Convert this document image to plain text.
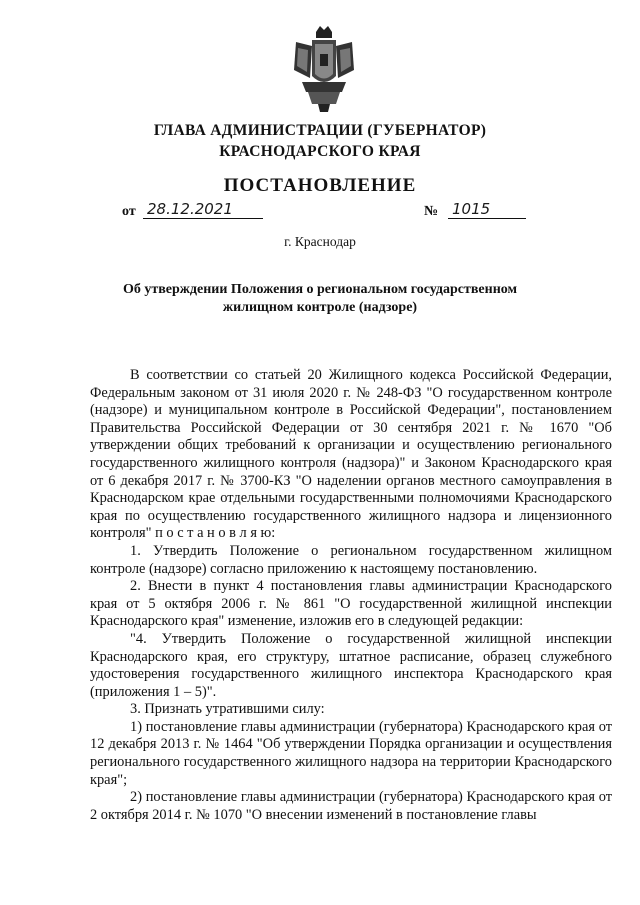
ГЛАВА АДМИНИСТРАЦИИ (ГУБЕРНАТОР)
КРАСНОДАРСКОГО КРАЯ
ПОСТАНОВЛЕНИЕ
от 28.12.2021	№ 1015
г. Краснодар
Об утверждении Положения о региональном государственном
жилищном контроле (надзоре)

В соответствии со статьей 20 Жилищного кодекса Российской Федерации, Федеральным законом от 31 июля 2020 г. № 248-ФЗ "О государственном контроле (надзоре) и муниципальном контроле в Российской Федерации", постановлением Правительства Российской Федерации от 30 сентября 2021 г. № 1670 "Об утверждении общих требований к организации и осуществлению регионального государственного жилищного контроля (надзора)" и Законом Краснодарского края от 6 декабря 2017 г. № 3700-КЗ "О наделении органов местного самоуправления в Краснодарском крае отдельными государственными полномочиями Краснодарского края по осуществлению государственного жилищного надзора и лицензионного контроля" п о с т а н о в л я ю:

1. Утвердить Положение о региональном государственном жилищном контроле (надзоре) согласно приложению к настоящему постановлению.

2. Внести в пункт 4 постановления главы администрации Краснодарского края от 5 октября 2006 г. № 861 "О государственной жилищной инспекции Краснодарского края" изменение, изложив его в следующей редакции:

"4. Утвердить Положение о государственной жилищной инспекции Краснодарского края, его структуру, штатное расписание, образец служебного удостоверения государственного жилищного инспектора Краснодарского края (приложения 1 – 5)".

3. Признать утратившими силу:

1) постановление главы администрации (губернатора) Краснодарского края от 12 декабря 2013 г. № 1464 "Об утверждении Порядка организации и осуществления регионального государственного жилищного надзора на территории Краснодарского края";

2) постановление главы администрации (губернатора) Краснодарского края от 2 октября 2014 г. № 1070 "О внесении изменений в постановление главы
